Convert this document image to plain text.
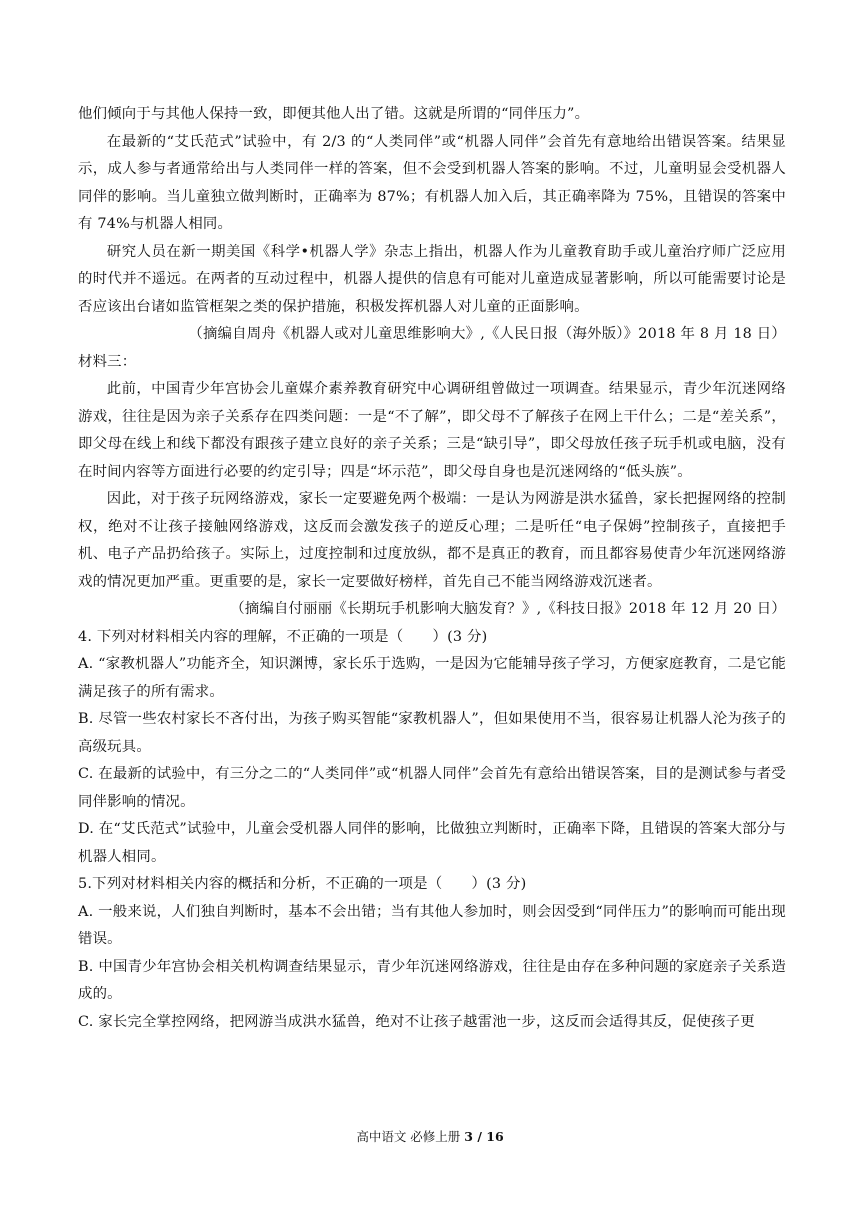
他们倾向于与其他人保持一致，即便其他人出了错。这就是所谓的“同伴压力”。

在最新的“艾氏范式”试验中，有 2/3 的“人类同伴”或“机器人同伴”会首先有意地给出错误答案。结果显示，成人参与者通常给出与人类同伴一样的答案，但不会受到机器人答案的影响。不过，儿童明显会受机器人同伴的影响。当儿童独立做判断时，正确率为 87%；有机器人加入后，其正确率降为 75%，且错误的答案中有 74%与机器人相同。

研究人员在新一期美国《科学•机器人学》杂志上指出，机器人作为儿童教育助手或儿童治疗师广泛应用的时代并不遥远。在两者的互动过程中，机器人提供的信息有可能对儿童造成显著影响，所以可能需要讨论是否应该出台诸如监管框架之类的保护措施，积极发挥机器人对儿童的正面影响。

（摘编自周舟《机器人或对儿童思维影响大》,《人民日报（海外版）》2018 年 8 月 18 日）

材料三：

此前，中国青少年宫协会儿童媒介素养教育研究中心调研组曾做过一项调查。结果显示，青少年沉迷网络游戏，往往是因为亲子关系存在四类问题：一是“不了解”，即父母不了解孩子在网上干什么；二是“差关系”，即父母在线上和线下都没有跟孩子建立良好的亲子关系；三是“缺引导”，即父母放任孩子玩手机或电脑，没有在时间内容等方面进行必要的约定引导；四是“坏示范”，即父母自身也是沉迷网络的“低头族”。

因此，对于孩子玩网络游戏，家长一定要避免两个极端：一是认为网游是洪水猛兽，家长把握网络的控制权，绝对不让孩子接触网络游戏，这反而会激发孩子的逆反心理；二是听任“电子保姆”控制孩子，直接把手机、电子产品扔给孩子。实际上，过度控制和过度放纵，都不是真正的教育，而且都容易使青少年沉迷网络游戏的情况更加严重。更重要的是，家长一定要做好榜样，首先自己不能当网络游戏沉迷者。

（摘编自付丽丽《长期玩手机影响大脑发育？》,《科技日报》2018 年 12 月 20 日）

4. 下列对材料相关内容的理解，不正确的一项是（　　）(3 分)

A. “家教机器人”功能齐全，知识渊博，家长乐于选购，一是因为它能辅导孩子学习，方便家庭教育，二是它能满足孩子的所有需求。

B. 尽管一些农村家长不吝付出，为孩子购买智能“家教机器人”，但如果使用不当，很容易让机器人沦为孩子的高级玩具。

C. 在最新的试验中，有三分之二的“人类同伴”或“机器人同伴”会首先有意给出错误答案，目的是测试参与者受同伴影响的情况。

D. 在“艾氏范式”试验中，儿童会受机器人同伴的影响，比做独立判断时，正确率下降，且错误的答案大部分与机器人相同。

5.下列对材料相关内容的概括和分析，不正确的一项是（　　）(3 分)

A. 一般来说，人们独自判断时，基本不会出错；当有其他人参加时，则会因受到“同伴压力”的影响而可能出现错误。

B. 中国青少年宫协会相关机构调查结果显示，青少年沉迷网络游戏，往往是由存在多种问题的家庭亲子关系造成的。

C. 家长完全掌控网络，把网游当成洪水猛兽，绝对不让孩子越雷池一步，这反而会适得其反，促使孩子更

高中语文 必修上册 3 / 16
